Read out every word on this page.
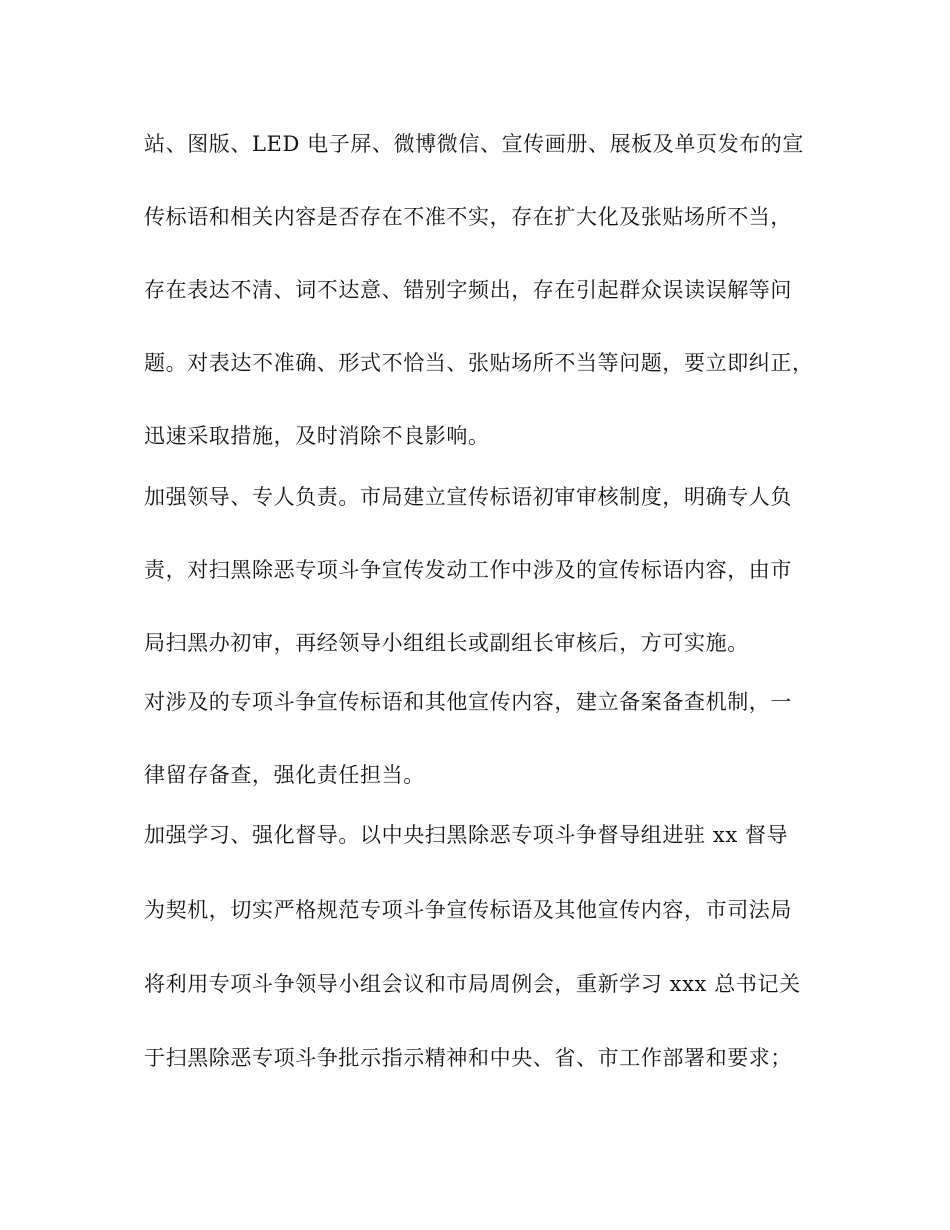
站、图版、LED 电子屏、微博微信、宣传画册、展板及单页发布的宣
传标语和相关内容是否存在不准不实，存在扩大化及张贴场所不当，
存在表达不清、词不达意、错别字频出，存在引起群众误读误解等问
题。对表达不准确、形式不恰当、张贴场所不当等问题，要立即纠正，
迅速采取措施，及时消除不良影响。
加强领导、专人负责。市局建立宣传标语初审审核制度，明确专人负
责，对扫黑除恶专项斗争宣传发动工作中涉及的宣传标语内容，由市
局扫黑办初审，再经领导小组组长或副组长审核后，方可实施。
对涉及的专项斗争宣传标语和其他宣传内容，建立备案备查机制，一
律留存备查，强化责任担当。
加强学习、强化督导。以中央扫黑除恶专项斗争督导组进驻 xx 督导
为契机，切实严格规范专项斗争宣传标语及其他宣传内容，市司法局
将利用专项斗争领导小组会议和市局周例会，重新学习 xxx 总书记关
于扫黑除恶专项斗争批示指示精神和中央、省、市工作部署和要求；
